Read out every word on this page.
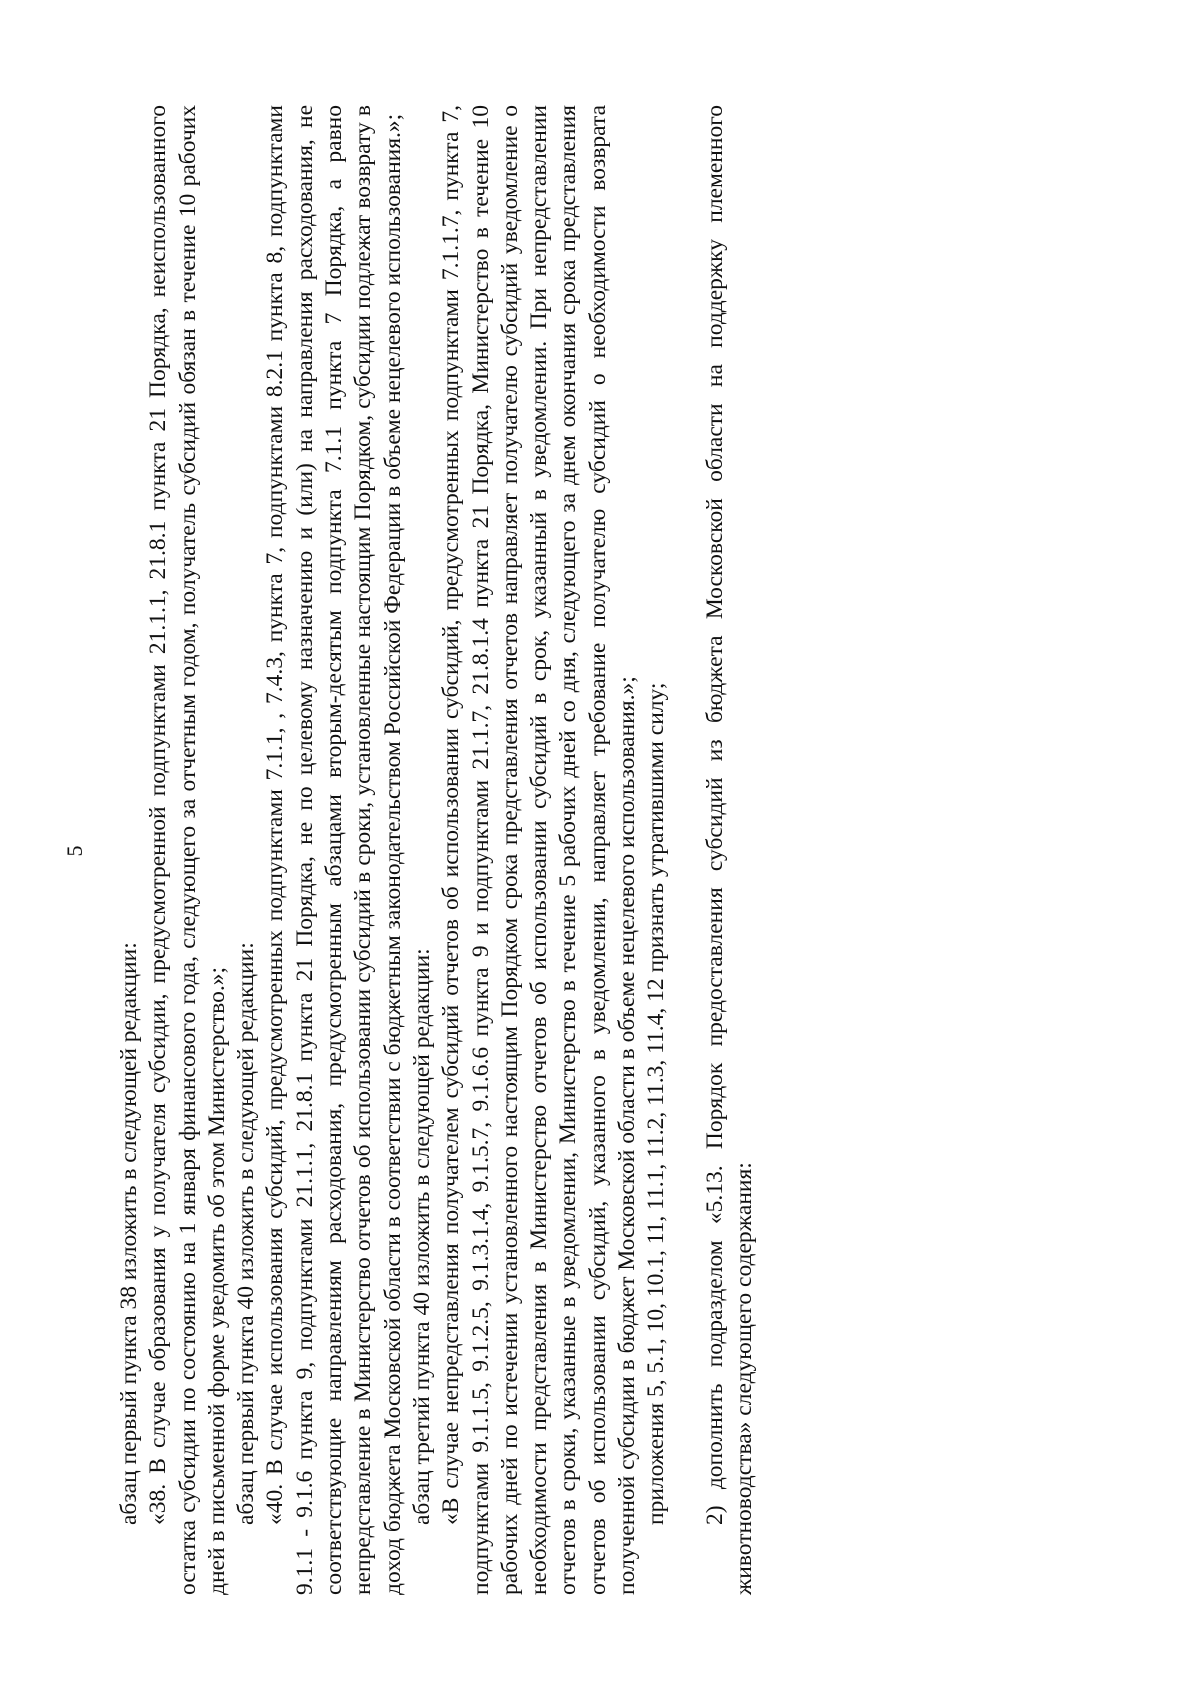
5

абзац первый пункта 38 изложить в следующей редакции: «38. В случае образования у получателя субсидии, предусмотренной подпунктами 21.1.1, 21.8.1 пункта 21 Порядка, неиспользованного остатка субсидии по состоянию на 1 января финансового года, следующего за отчетным годом, получатель субсидий обязан в течение 10 рабочих дней в письменной форме уведомить об этом Министерство.»; абзац первый пункта 40 изложить в следующей редакции: «40. В случае использования субсидий, предусмотренных подпунктами 7.1.1, , 7.4.3, пункта 7, подпунктами 8.2.1 пункта 8, подпунктами 9.1.1 - 9.1.6 пункта 9, подпунктами 21.1.1, 21.8.1 пункта 21 Порядка, не по целевому назначению и (или) на направления расходования, не соответствующие направлениям расходования, предусмотренным абзацами вторым-десятым подпункта 7.1.1 пункта 7 Порядка, а равно непредставление в Министерство отчетов об использовании субсидий в сроки, установленные настоящим Порядком, субсидии подлежат возврату в доход бюджета Московской области в соответствии с бюджетным законодательством Российской Федерации в объеме нецелевого использования.»; абзац третий пункта 40 изложить в следующей редакции: «В случае непредставления получателем субсидий отчетов об использовании субсидий, предусмотренных подпунктами 7.1.1.7, пункта 7, подпунктами 9.1.1.5, 9.1.2.5, 9.1.3.1.4, 9.1.5.7, 9.1.6.6 пункта 9 и подпунктами 21.1.7, 21.8.1.4 пункта 21 Порядка, Министерство в течение 10 рабочих дней по истечении установленного настоящим Порядком срока представления отчетов направляет получателю субсидий уведомление о необходимости представления в Министерство отчетов об использовании субсидий в срок, указанный в уведомлении. При непредставлении отчетов в сроки, указанные в уведомлении, Министерство в течение 5 рабочих дней со дня, следующего за днем окончания срока представления отчетов об использовании субсидий, указанного в уведомлении, направляет требование получателю субсидий о необходимости возврата полученной субсидии в бюджет Московской области в объеме нецелевого использования.»; приложения 5, 5.1, 10, 10.1, 11, 11.1, 11.2, 11.3, 11.4, 12 признать утратившими силу; 2) дополнить подразделом «5.13. Порядок предоставления субсидий из бюджета Московской области на поддержку племенного животноводства» следующего содержания:
